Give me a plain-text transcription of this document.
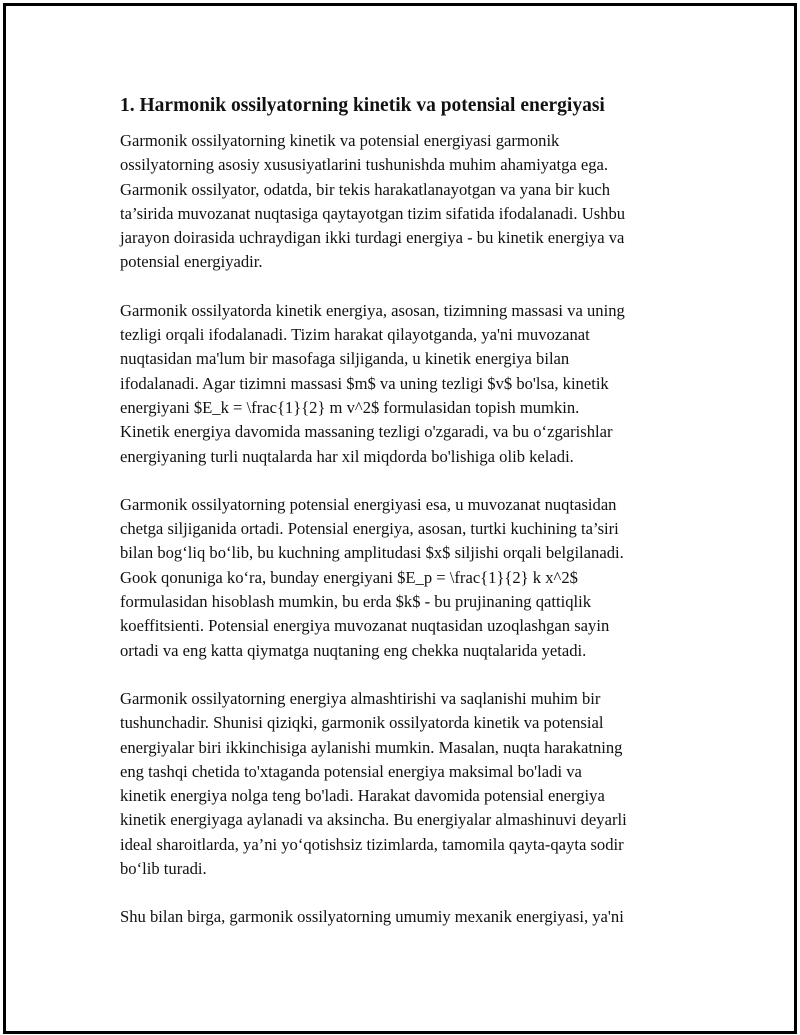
1. Harmonik ossilyatorning kinetik va potensial energiyasi

Garmonik ossilyatorning kinetik va potensial energiyasi garmonik
ossilyatorning asosiy xususiyatlarini tushunishda muhim ahamiyatga ega.
Garmonik ossilyator, odatda, bir tekis harakatlanayotgan va yana bir kuch
ta’sirida muvozanat nuqtasiga qaytayotgan tizim sifatida ifodalanadi. Ushbu
jarayon doirasida uchraydigan ikki turdagi energiya - bu kinetik energiya va
potensial energiyadir.

Garmonik ossilyatorda kinetik energiya, asosan, tizimning massasi va uning
tezligi orqali ifodalanadi. Tizim harakat qilayotganda, ya'ni muvozanat
nuqtasidan ma'lum bir masofaga siljiganda, u kinetik energiya bilan
ifodalanadi. Agar tizimni massasi $m$ va uning tezligi $v$ bo'lsa, kinetik
energiyani $E_k = \frac{1}{2} m v^2$ formulasidan topish mumkin.
Kinetik energiya davomida massaning tezligi o'zgaradi, va bu o‘zgarishlar
energiyaning turli nuqtalarda har xil miqdorda bo'lishiga olib keladi.

Garmonik ossilyatorning potensial energiyasi esa, u muvozanat nuqtasidan
chetga siljiganida ortadi. Potensial energiya, asosan, turtki kuchining ta’siri
bilan bog‘liq bo‘lib, bu kuchning amplitudasi $x$ siljishi orqali belgilanadi.
Gook qonuniga ko‘ra, bunday energiyani $E_p = \frac{1}{2} k x^2$
formulasidan hisoblash mumkin, bu erda $k$ - bu prujinaning qattiqlik
koeffitsienti. Potensial energiya muvozanat nuqtasidan uzoqlashgan sayin
ortadi va eng katta qiymatga nuqtaning eng chekka nuqtalarida yetadi.

Garmonik ossilyatorning energiya almashtirishi va saqlanishi muhim bir
tushunchadir. Shunisi qiziqki, garmonik ossilyatorda kinetik va potensial
energiyalar biri ikkinchisiga aylanishi mumkin. Masalan, nuqta harakatning
eng tashqi chetida to'xtaganda potensial energiya maksimal bo'ladi va
kinetik energiya nolga teng bo'ladi. Harakat davomida potensial energiya
kinetik energiyaga aylanadi va aksincha. Bu energiyalar almashinuvi deyarli
ideal sharoitlarda, ya’ni yo‘qotishsiz tizimlarda, tamomila qayta-qayta sodir
bo‘lib turadi.

Shu bilan birga, garmonik ossilyatorning umumiy mexanik energiyasi, ya'ni
